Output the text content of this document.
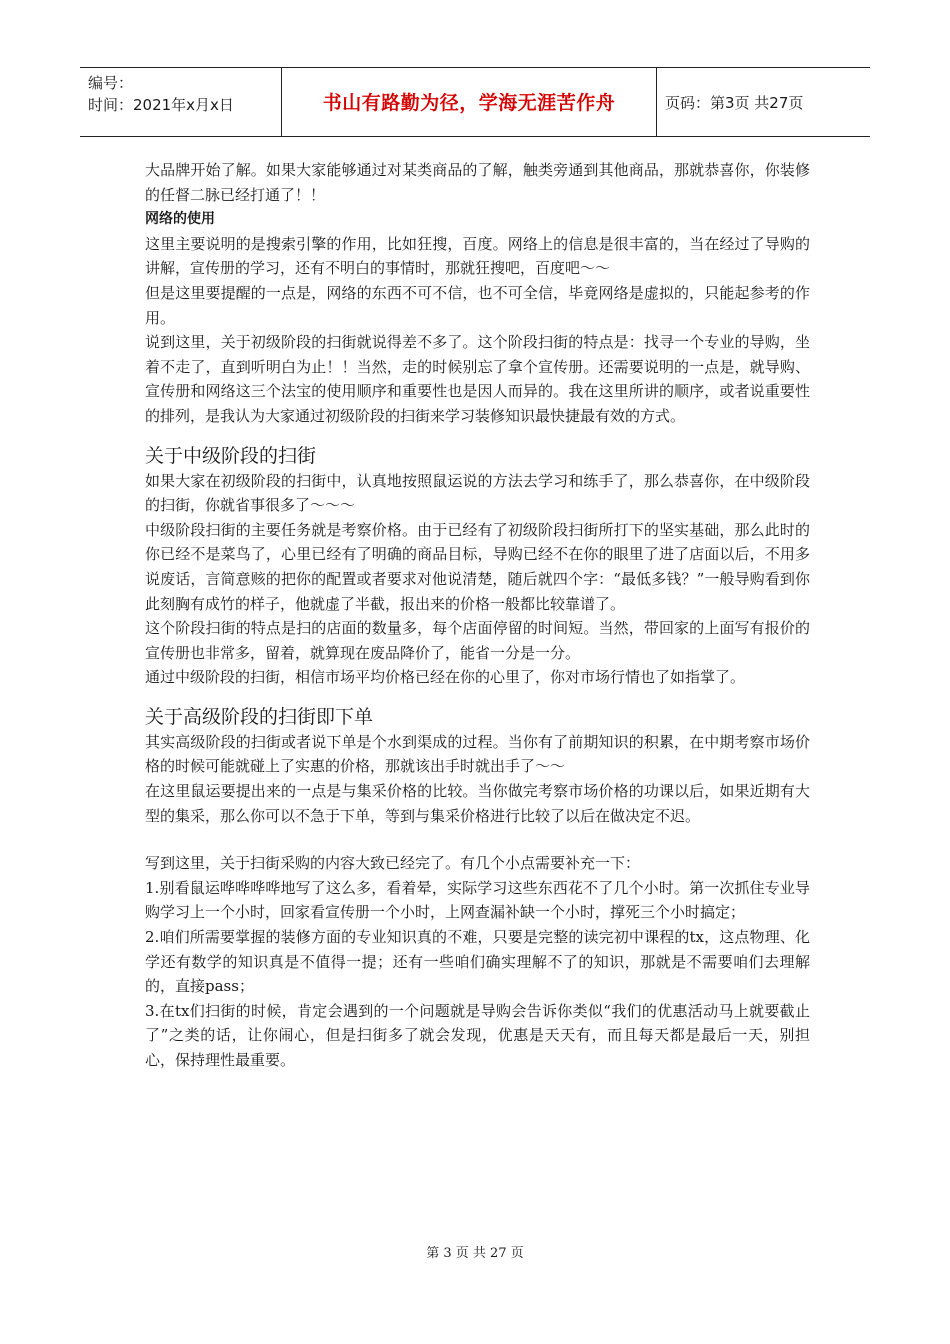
编号：
时间：2021年x月x日	书山有路勤为径，学海无涯苦作舟	页码：第3页 共27页

大品牌开始了解。如果大家能够通过对某类商品的了解，触类旁通到其他商品，那就恭喜你，你装修的任督二脉已经打通了！！

网络的使用

这里主要说明的是搜索引擎的作用，比如狂搜，百度。网络上的信息是很丰富的，当在经过了导购的讲解，宣传册的学习，还有不明白的事情时，那就狂搜吧，百度吧～～

但是这里要提醒的一点是，网络的东西不可不信，也不可全信，毕竟网络是虚拟的，只能起参考的作用。

说到这里，关于初级阶段的扫街就说得差不多了。这个阶段扫街的特点是：找寻一个专业的导购，坐着不走了，直到听明白为止！！当然，走的时候别忘了拿个宣传册。还需要说明的一点是，就导购、宣传册和网络这三个法宝的使用顺序和重要性也是因人而异的。我在这里所讲的顺序，或者说重要性的排列，是我认为大家通过初级阶段的扫街来学习装修知识最快捷最有效的方式。

关于中级阶段的扫街

如果大家在初级阶段的扫街中，认真地按照鼠运说的方法去学习和练手了，那么恭喜你，在中级阶段的扫街，你就省事很多了～～～

中级阶段扫街的主要任务就是考察价格。由于已经有了初级阶段扫街所打下的坚实基础，那么此时的你已经不是菜鸟了，心里已经有了明确的商品目标，导购已经不在你的眼里了进了店面以后，不用多说废话，言简意赅的把你的配置或者要求对他说清楚，随后就四个字：“最低多钱？”一般导购看到你此刻胸有成竹的样子，他就虚了半截，报出来的价格一般都比较靠谱了。

这个阶段扫街的特点是扫的店面的数量多，每个店面停留的时间短。当然，带回家的上面写有报价的宣传册也非常多，留着，就算现在废品降价了，能省一分是一分。

通过中级阶段的扫街，相信市场平均价格已经在你的心里了，你对市场行情也了如指掌了。

关于高级阶段的扫街即下单

其实高级阶段的扫街或者说下单是个水到渠成的过程。当你有了前期知识的积累，在中期考察市场价格的时候可能就碰上了实惠的价格，那就该出手时就出手了～～

在这里鼠运要提出来的一点是与集采价格的比较。当你做完考察市场价格的功课以后，如果近期有大型的集采，那么你可以不急于下单，等到与集采价格进行比较了以后在做决定不迟。

写到这里，关于扫街采购的内容大致已经完了。有几个小点需要补充一下：

1.别看鼠运哗哗哗哗地写了这么多，看着晕，实际学习这些东西花不了几个小时。第一次抓住专业导购学习上一个小时，回家看宣传册一个小时，上网查漏补缺一个小时，撑死三个小时搞定；

2.咱们所需要掌握的装修方面的专业知识真的不难，只要是完整的读完初中课程的tx，这点物理、化学还有数学的知识真是不值得一提；还有一些咱们确实理解不了的知识，那就是不需要咱们去理解的，直接pass；

3.在tx们扫街的时候，肯定会遇到的一个问题就是导购会告诉你类似“我们的优惠活动马上就要截止了”之类的话，让你闹心，但是扫街多了就会发现，优惠是天天有，而且每天都是最后一天，别担心，保持理性最重要。

第 3 页 共 27 页
